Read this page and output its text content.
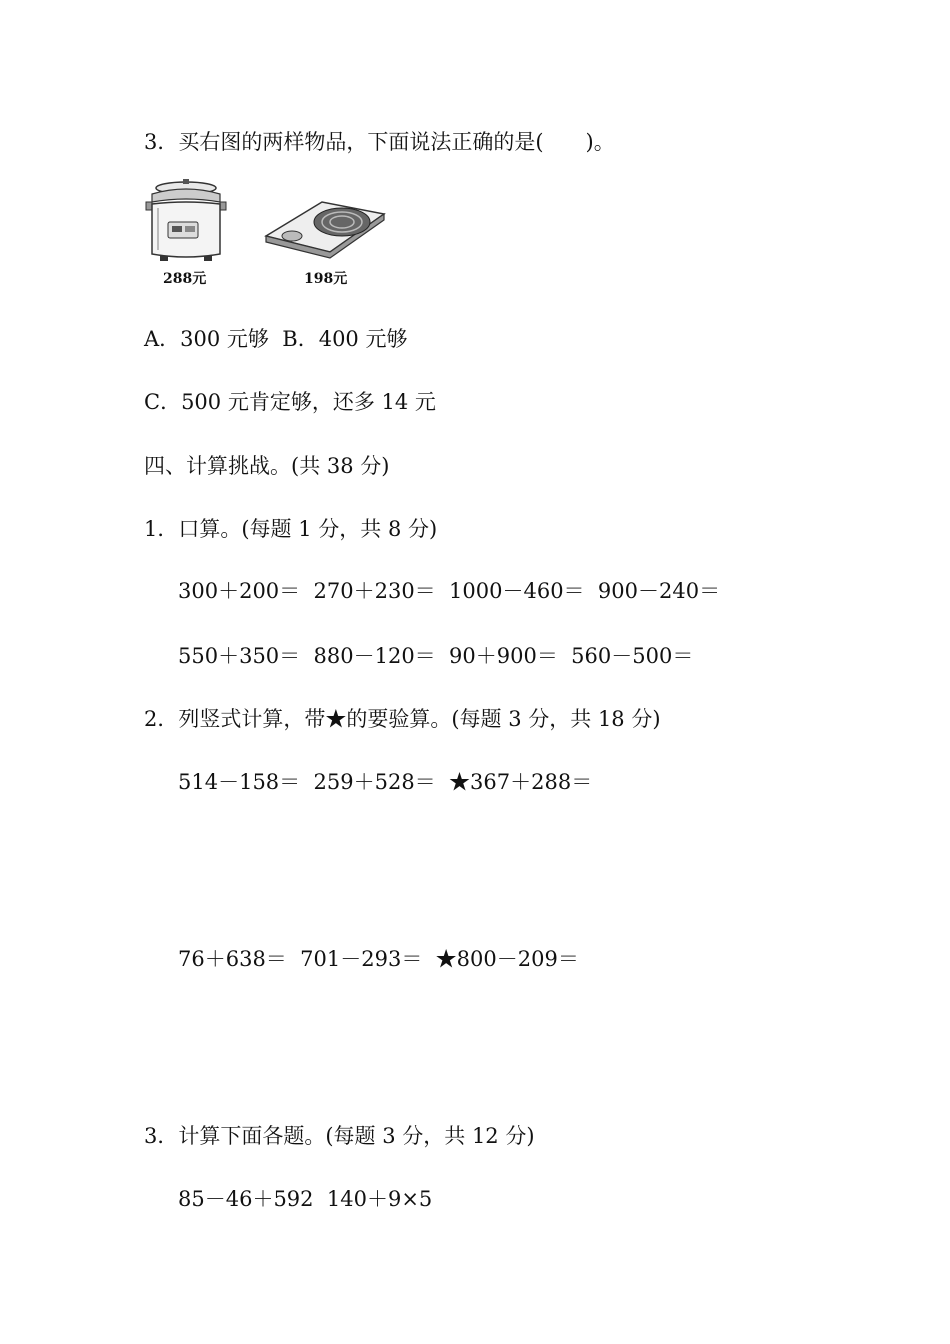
3．买右图的两样物品，下面说法正确的是(　　)。
288元	198元
A．300 元够  B．400 元够
C．500 元肯定够，还多 14 元
四、计算挑战。(共 38 分)
1．口算。(每题 1 分，共 8 分)
300＋200＝  270＋230＝  1000－460＝  900－240＝
550＋350＝  880－120＝  90＋900＝  560－500＝
2．列竖式计算，带★的要验算。(每题 3 分，共 18 分)
514－158＝  259＋528＝  ★367＋288＝
76＋638＝  701－293＝  ★800－209＝
3．计算下面各题。(每题 3 分，共 12 分)
85－46＋592  140＋9×5
